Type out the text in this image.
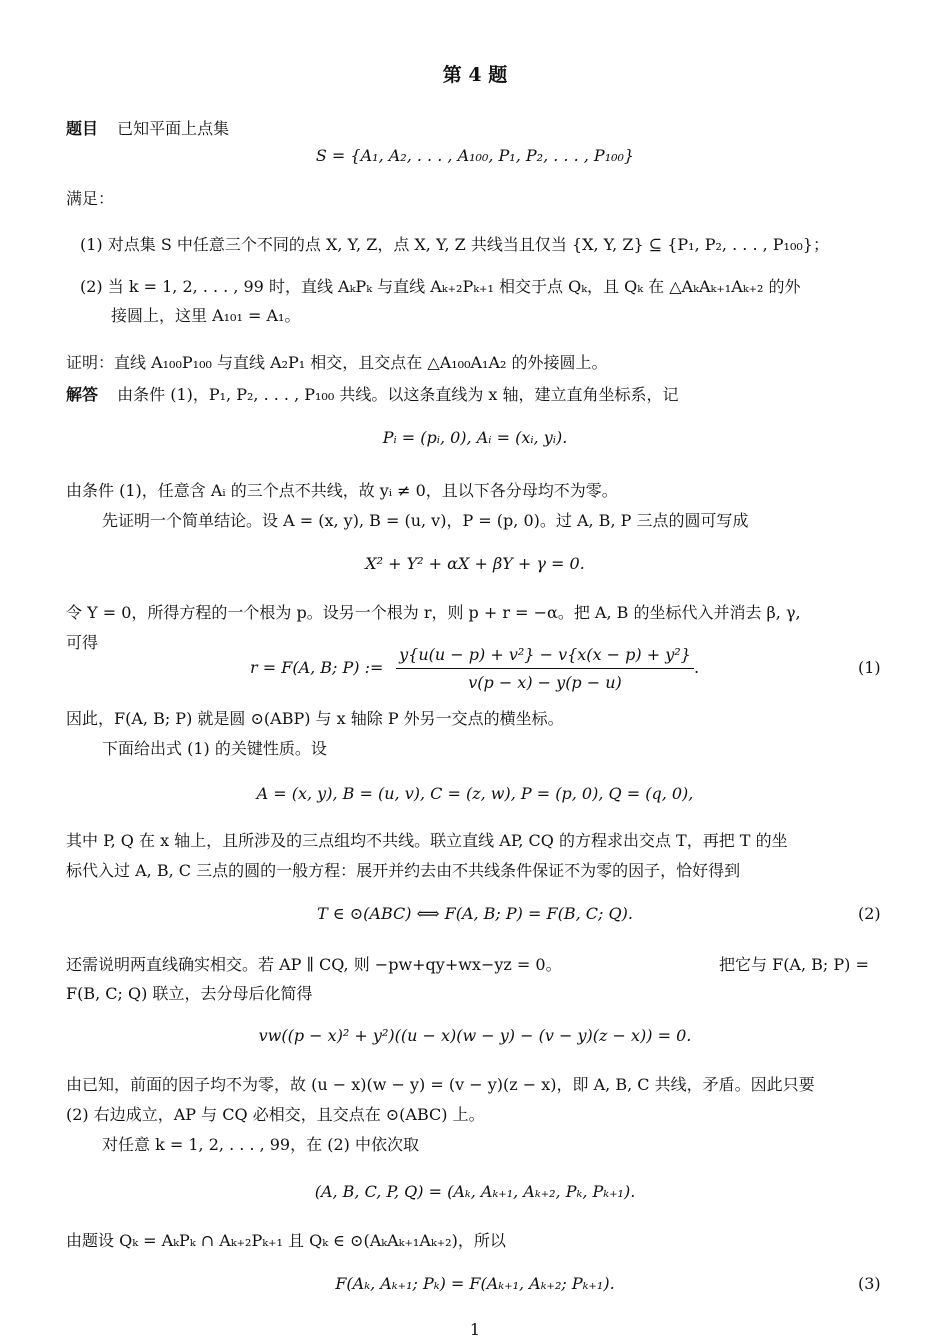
第 4 题
题目 已知平面上点集
S = {A₁, A₂, . . . , A₁₀₀, P₁, P₂, . . . , P₁₀₀}
满足：
(1) 对点集 S 中任意三个不同的点 X, Y, Z，点 X, Y, Z 共线当且仅当 {X, Y, Z} ⊆ {P₁, P₂, . . . , P₁₀₀}；
(2) 当 k = 1, 2, . . . , 99 时，直线 AₖPₖ 与直线 Aₖ₊₂Pₖ₊₁ 相交于点 Qₖ，且 Qₖ 在 △AₖAₖ₊₁Aₖ₊₂ 的外
接圆上，这里 A₁₀₁ = A₁。
证明：直线 A₁₀₀P₁₀₀ 与直线 A₂P₁ 相交，且交点在 △A₁₀₀A₁A₂ 的外接圆上。
解答 由条件 (1)，P₁, P₂, . . . , P₁₀₀ 共线。以这条直线为 x 轴，建立直角坐标系，记
Pᵢ = (pᵢ, 0), Aᵢ = (xᵢ, yᵢ).
由条件 (1)，任意含 Aᵢ 的三个点不共线，故 yᵢ ≠ 0，且以下各分母均不为零。
先证明一个简单结论。设 A = (x, y), B = (u, v)，P = (p, 0)。过 A, B, P 三点的圆可写成
X² + Y² + αX + βY + γ = 0.
令 Y = 0，所得方程的一个根为 p。设另一个根为 r，则 p + r = −α。把 A, B 的坐标代入并消去 β, γ,
可得
r = F(A, B; P) :=
y{u(u − p) + v²} − v{x(x − p) + y²}
v(p − x) − y(p − u)
.	(1)
因此，F(A, B; P) 就是圆 ⊙(ABP) 与 x 轴除 P 外另一交点的横坐标。
下面给出式 (1) 的关键性质。设
A = (x, y), B = (u, v), C = (z, w), P = (p, 0), Q = (q, 0),
其中 P, Q 在 x 轴上，且所涉及的三点组均不共线。联立直线 AP, CQ 的方程求出交点 T，再把 T 的坐
标代入过 A, B, C 三点的圆的一般方程：展开并约去由不共线条件保证不为零的因子，恰好得到
T ∈ ⊙(ABC) ⟺ F(A, B; P) = F(B, C; Q).	(2)
还需说明两直线确实相交。若 AP ∥ CQ, 则 −pw+qy+wx−yz = 0。	把它与 F(A, B; P) =
F(B, C; Q) 联立，去分母后化简得
vw((p − x)² + y²)((u − x)(w − y) − (v − y)(z − x)) = 0.
由已知，前面的因子均不为零，故 (u − x)(w − y) = (v − y)(z − x)，即 A, B, C 共线，矛盾。因此只要
(2) 右边成立，AP 与 CQ 必相交，且交点在 ⊙(ABC) 上。
对任意 k = 1, 2, . . . , 99，在 (2) 中依次取
(A, B, C, P, Q) = (Aₖ, Aₖ₊₁, Aₖ₊₂, Pₖ, Pₖ₊₁).
由题设 Qₖ = AₖPₖ ∩ Aₖ₊₂Pₖ₊₁ 且 Qₖ ∈ ⊙(AₖAₖ₊₁Aₖ₊₂)，所以
F(Aₖ, Aₖ₊₁; Pₖ) = F(Aₖ₊₁, Aₖ₊₂; Pₖ₊₁).	(3)
1
